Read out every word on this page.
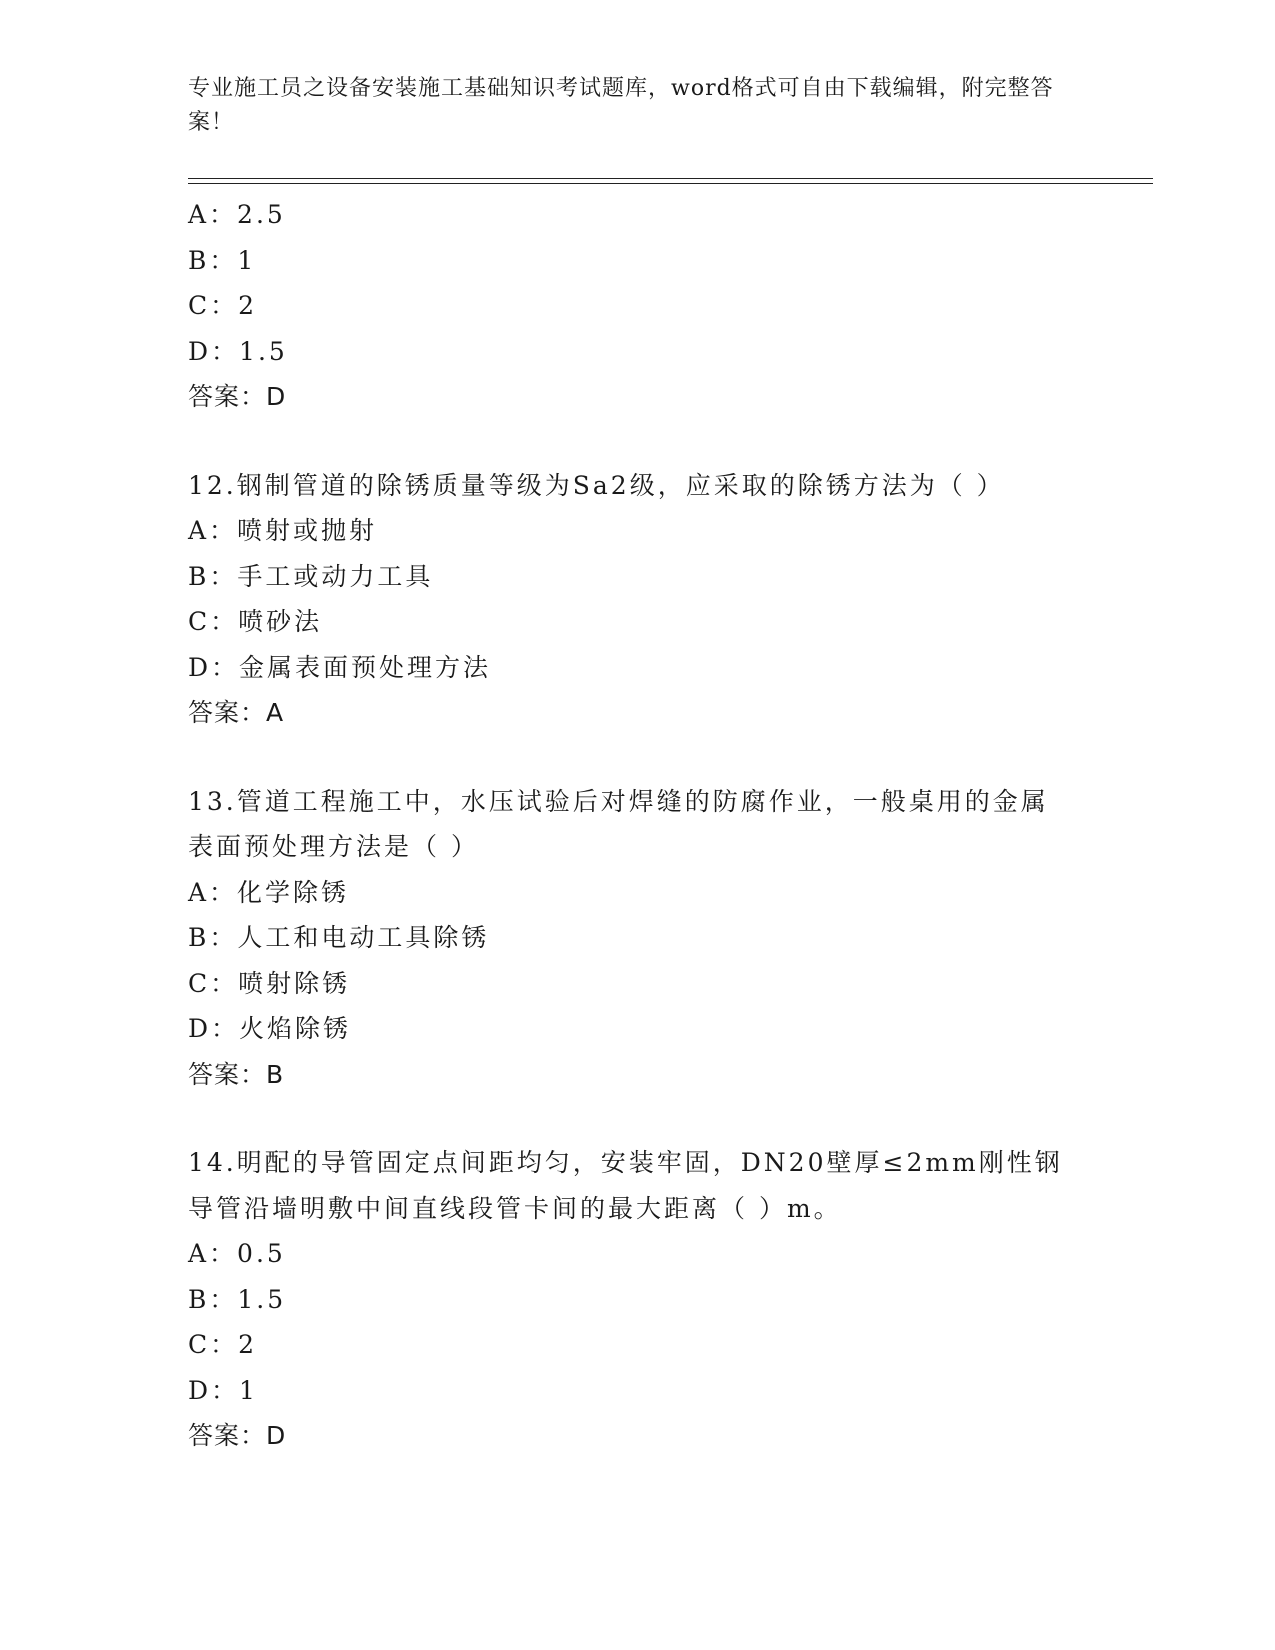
专业施工员之设备安装施工基础知识考试题库，word格式可自由下载编辑，附完整答案！
A：2.5
B：1
C：2
D：1.5
答案：D
12.钢制管道的除锈质量等级为Sa2级，应采取的除锈方法为（ ）
A：喷射或抛射
B：手工或动力工具
C：喷砂法
D：金属表面预处理方法
答案：A
13.管道工程施工中，水压试验后对焊缝的防腐作业，一般桌用的金属表面预处理方法是（ ）
A：化学除锈
B：人工和电动工具除锈
C：喷射除锈
D：火焰除锈
答案：B
14.明配的导管固定点间距均匀，安装牢固，DN20壁厚≤2mm刚性钢导管沿墙明敷中间直线段管卡间的最大距离（ ）m。
A：0.5
B：1.5
C：2
D：1
答案：D
